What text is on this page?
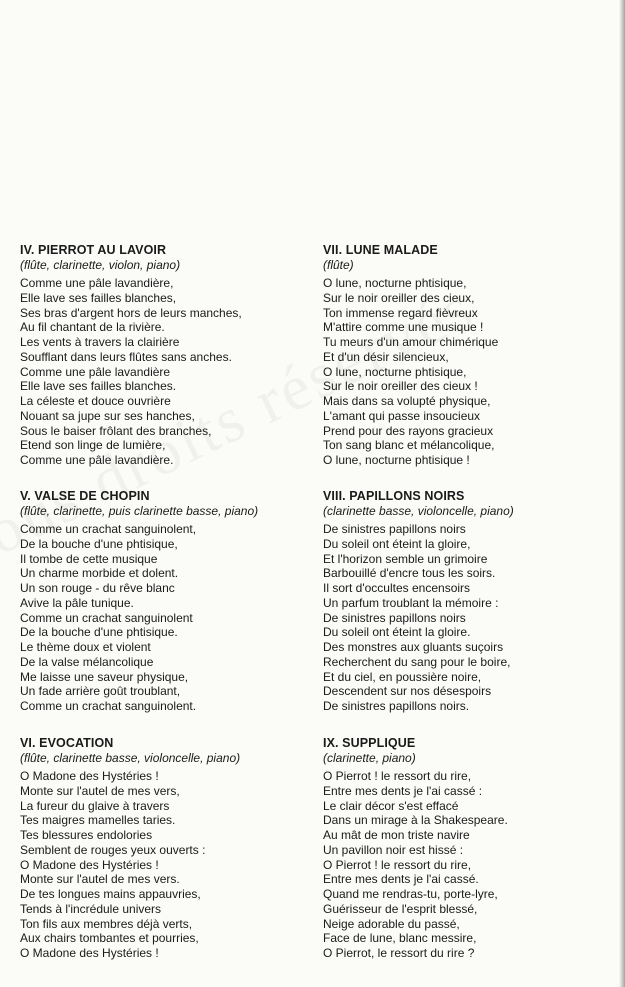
IV. PIERROT AU LAVOIR

(flûte, clarinette, violon, piano)

Comme une pâle lavandière,
Elle lave ses failles blanches,
Ses bras d'argent hors de leurs manches,
Au fil chantant de la rivière.
Les vents à travers la clairière
Soufflant dans leurs flûtes sans anches.
Comme une pâle lavandière
Elle lave ses failles blanches.
La céleste et douce ouvrière
Nouant sa jupe sur ses hanches,
Sous le baiser frôlant des branches,
Etend son linge de lumière,
Comme une pâle lavandière.
V. VALSE DE CHOPIN

(flûte, clarinette, puis clarinette basse, piano)

Comme un crachat sanguinolent,
De la bouche d'une phtisique,
Il tombe de cette musique
Un charme morbide et dolent.
Un son rouge - du rêve blanc
Avive la pâle tunique.
Comme un crachat sanguinolent
De la bouche d'une phtisique.
Le thème doux et violent
De la valse mélancolique
Me laisse une saveur physique,
Un fade arrière goût troublant,
Comme un crachat sanguinolent.
VI. EVOCATION

(flûte, clarinette basse, violoncelle, piano)

O Madone des Hystéries !
Monte sur l'autel de mes vers,
La fureur du glaive à travers
Tes maigres mamelles taries.
Tes blessures endolories
Semblent de rouges yeux ouverts :
O Madone des Hystéries !
Monte sur l'autel de mes vers.
De tes longues mains appauvries,
Tends à l'incrédule univers
Ton fils aux membres déjà verts,
Aux chairs tombantes et pourries,
O Madone des Hystéries !
VII. LUNE MALADE

(flûte)

O lune, nocturne phtisique,
Sur le noir oreiller des cieux,
Ton immense regard fièvreux
M'attire comme une musique !
Tu meurs d'un amour chimérique
Et d'un désir silencieux,
O lune, nocturne phtisique,
Sur le noir oreiller des cieux !
Mais dans sa volupté physique,
L'amant qui passe insoucieux
Prend pour des rayons gracieux
Ton sang blanc et mélancolique,
O lune, nocturne phtisique !
VIII. PAPILLONS NOIRS

(clarinette basse, violoncelle, piano)

De sinistres papillons noirs
Du soleil ont éteint la gloire,
Et l'horizon semble un grimoire
Barbouillé d'encre tous les soirs.
Il sort d'occultes encensoirs
Un parfum troublant la mémoire :
De sinistres papillons noirs
Du soleil ont éteint la gloire.
Des monstres aux gluants suçoirs
Recherchent du sang pour le boire,
Et du ciel, en poussière noire,
Descendent sur nos désespoirs
De sinistres papillons noirs.
IX. SUPPLIQUE

(clarinette, piano)

O Pierrot ! le ressort du rire,
Entre mes dents je l'ai cassé :
Le clair décor s'est effacé
Dans un mirage à la Shakespeare.
Au mât de mon triste navire
Un pavillon noir est hissé :
O Pierrot ! le ressort du rire,
Entre mes dents je l'ai cassé.
Quand me rendras-tu, porte-lyre,
Guérisseur de l'esprit blessé,
Neige adorable du passé,
Face de lune, blanc messire,
O Pierrot, le ressort du rire ?
